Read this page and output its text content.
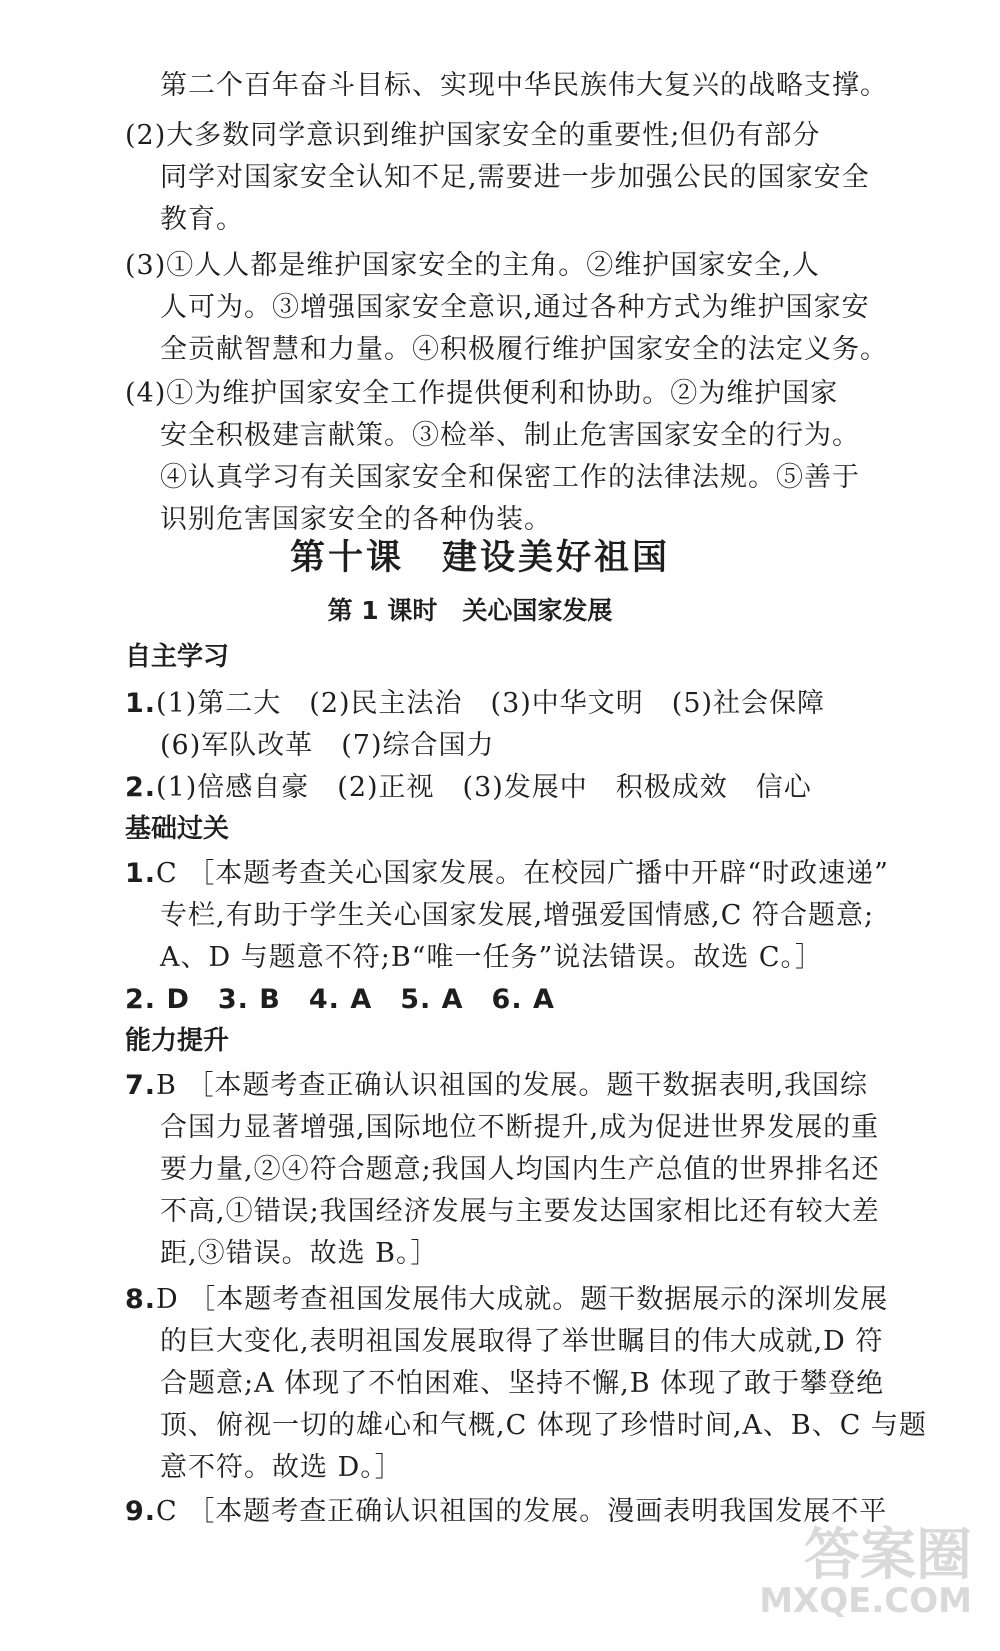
第二个百年奋斗目标、实现中华民族伟大复兴的战略支撑。
(2)大多数同学意识到维护国家安全的重要性;但仍有部分
同学对国家安全认知不足,需要进一步加强公民的国家安全
教育。
(3)①人人都是维护国家安全的主角。②维护国家安全,人
人可为。③增强国家安全意识,通过各种方式为维护国家安
全贡献智慧和力量。④积极履行维护国家安全的法定义务。
(4)①为维护国家安全工作提供便利和协助。②为维护国家
安全积极建言献策。③检举、制止危害国家安全的行为。
④认真学习有关国家安全和保密工作的法律法规。⑤善于
识别危害国家安全的各种伪装。
第十课　建设美好祖国
第 1 课时　关心国家发展
自主学习
1.(1)第二大　(2)民主法治　(3)中华文明　(5)社会保障
(6)军队改革　(7)综合国力
2.(1)倍感自豪　(2)正视　(3)发展中　积极成效　信心
基础过关
1.C ［本题考查关心国家发展。在校园广播中开辟“时政速递”
专栏,有助于学生关心国家发展,增强爱国情感,C 符合题意;
A、D 与题意不符;B“唯一任务”说法错误。故选 C。］
2. D　3. B　4. A　5. A　6. A
能力提升
7.B ［本题考查正确认识祖国的发展。题干数据表明,我国综
合国力显著增强,国际地位不断提升,成为促进世界发展的重
要力量,②④符合题意;我国人均国内生产总值的世界排名还
不高,①错误;我国经济发展与主要发达国家相比还有较大差
距,③错误。故选 B。］
8.D ［本题考查祖国发展伟大成就。题干数据展示的深圳发展
的巨大变化,表明祖国发展取得了举世瞩目的伟大成就,D 符
合题意;A 体现了不怕困难、坚持不懈,B 体现了敢于攀登绝
顶、俯视一切的雄心和气概,C 体现了珍惜时间,A、B、C 与题
意不符。故选 D。］
9.C ［本题考查正确认识祖国的发展。漫画表明我国发展不平
答案圈
MXQE.COM
